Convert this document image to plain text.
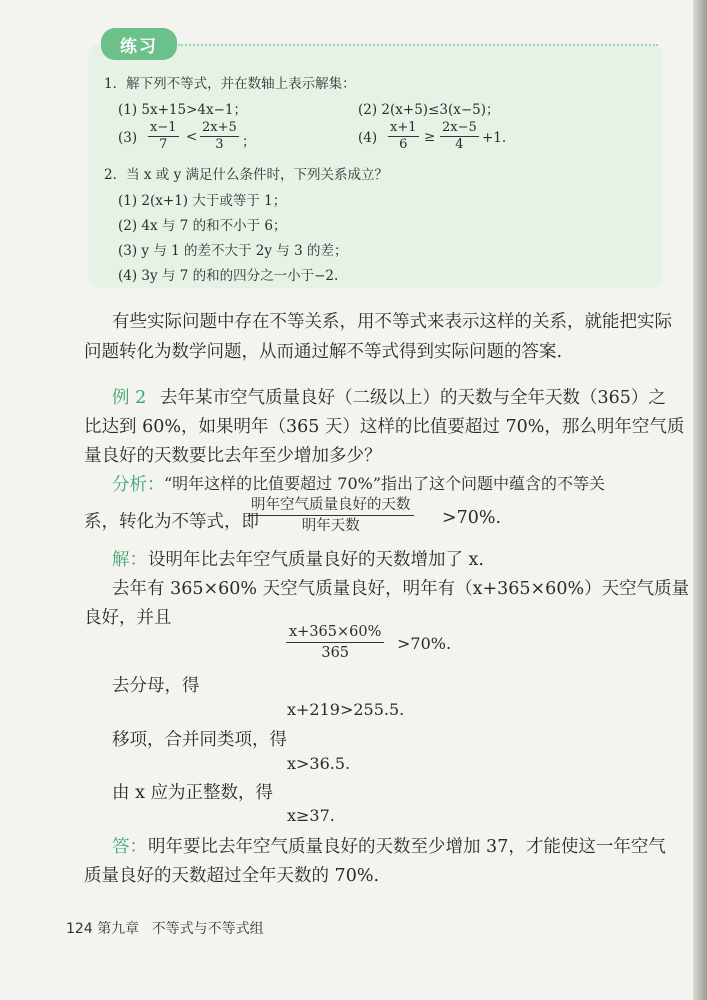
练习
1．解下列不等式，并在数轴上表示解集：
(1) 5x+15>4x−1；	(2) 2(x+5)≤3(x−5)；
$(3) \frac{x-1}{7} < \frac{2x+5}{3}$ ；	$(4) \frac{x+1}{6} \ge \frac{2x-5}{4} +1$.
2．当 x 或 y 满足什么条件时，下列关系成立？
(1) 2(x+1) 大于或等于 1；
(2) 4x 与 7 的和不小于 6；
(3) y 与 1 的差不大于 2y 与 3 的差；
(4) 3y 与 7 的和的四分之一小于−2.
有些实际问题中存在不等关系，用不等式来表示这样的关系，就能把实际
问题转化为数学问题，从而通过解不等式得到实际问题的答案.
例 2 去年某市空气质量良好（二级以上）的天数与全年天数（365）之
比达到 60%，如果明年（365 天）这样的比值要超过 70%，那么明年空气质
量良好的天数要比去年至少增加多少？
分析： “明年这样的比值要超过 70%”指出了这个问题中蕴含的不等关
系，转化为不等式，即
明年空气质量良好的天数
明年天数	>70%.
解： 设明年比去年空气质量良好的天数增加了 x.
去年有 365×60% 天空气质量良好，明年有（x+365×60%）天空气质量
良好，并且
$\frac{x+365\times 60\%}{365} >70\%$.
去分母，得
x+219>255.5.
移项，合并同类项，得
x>36.5.
由 x 应为正整数，得
x≥37.
答： 明年要比去年空气质量良好的天数至少增加 37，才能使这一年空气
质量良好的天数超过全年天数的 70%.
124 第九章 不等式与不等式组
